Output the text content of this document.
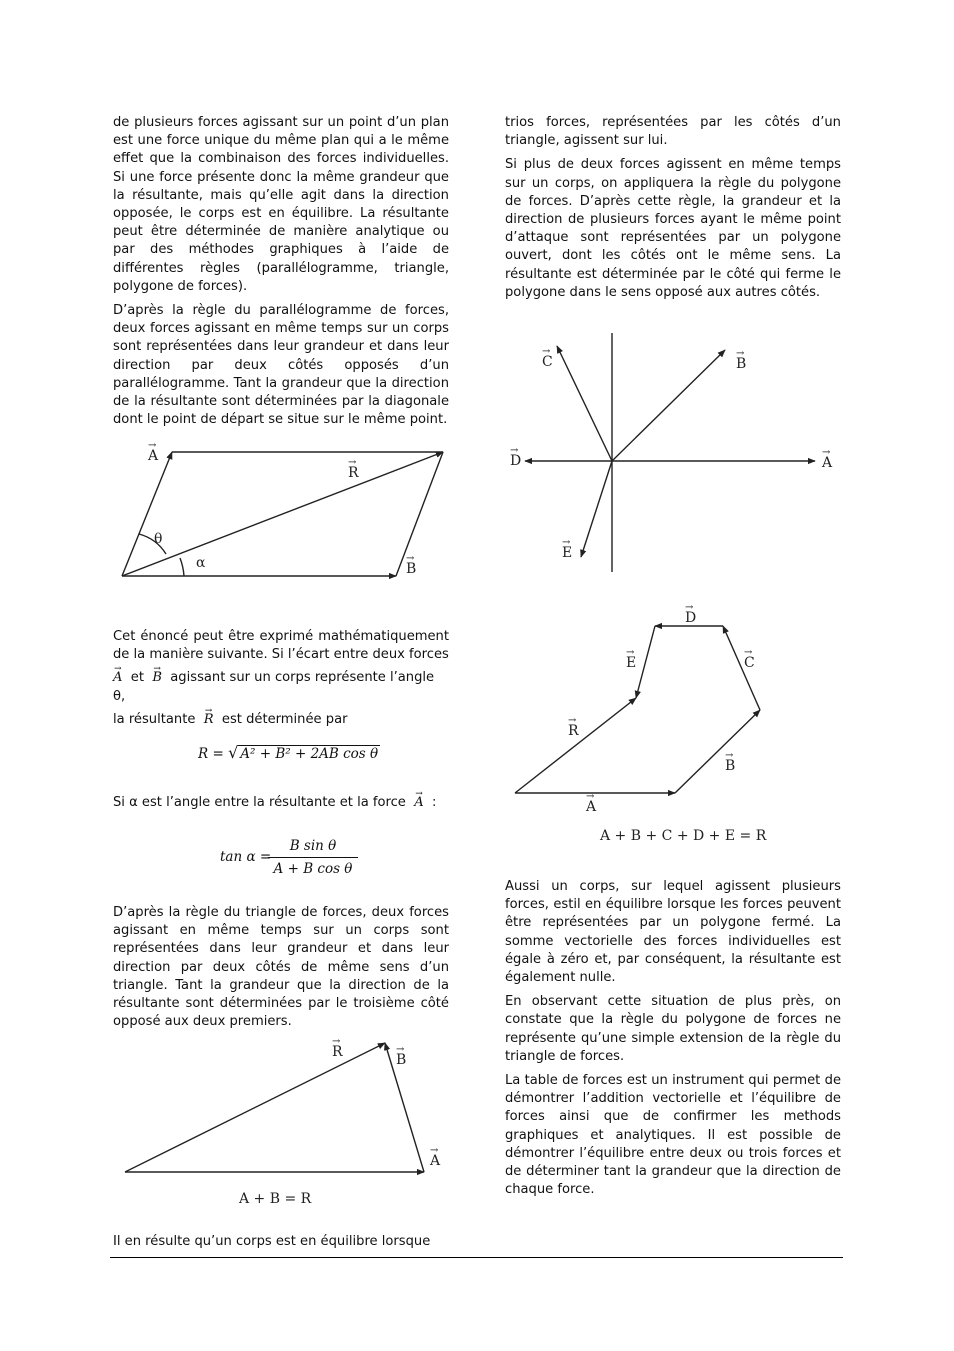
de plusieurs forces agissant sur un point d’un plan est une force unique du même plan qui a le même effet que la combinaison des forces individuelles. Si une force présente donc la même grandeur que la résultante, mais qu’elle agit dans la direction opposée, le corps est en équilibre. La résultante peut être déterminée de manière analytique ou par des méthodes graphiques à l’aide de différentes règles (parallélogramme, triangle, polygone de forces).

D’après la règle du parallélogramme de forces, deux forces agissant en même temps sur un corps sont représentées dans leur grandeur et dans leur direction par deux côtés opposés d’un parallélogramme. Tant la grandeur que la direction de la résultante sont déterminées par la diagonale dont le point de départ se situe sur le même point.

Cet énoncé peut être exprimé mathématiquement de la manière suivante. Si l’écart entre deux forces
→ A et → B agissant sur un corps représente l’angle θ,
la résultante → R est déterminée par
R = √ A² + B² + 2AB cos θ
Si α est l’angle entre la résultante et la force → A :
tan α =
B sin θ
A + B cos θ
D’après la règle du triangle de forces, deux forces agissant en même temps sur un corps sont représentées dans leur grandeur et dans leur direction par deux côtés de même sens d’un triangle. Tant la grandeur que la direction de la résultante sont déterminées par le troisième côté opposé aux deux premiers.
Il en résulte qu’un corps est en équilibre lorsque

trios forces, représentées par les côtés d’un triangle, agissent sur lui.

Si plus de deux forces agissent en même temps sur un corps, on appliquera la règle du polygone de forces. D’après cette règle, la grandeur et la direction de plusieurs forces ayant le même point d’attaque sont représentées par un polygone ouvert, dont les côtés ont le même sens. La résultante est déterminée par le côté qui ferme le polygone dans le sens opposé aux autres côtés.

Aussi un corps, sur lequel agissent plusieurs forces, estil en équilibre lorsque les forces peuvent être représentées par un polygone fermé. La somme vectorielle des forces individuelles est égale à zéro et, par conséquent, la résultante est également nulle.

En observant cette situation de plus près, on constate que la règle du polygone de forces ne représente qu’une simple extension de la règle du triangle de forces.

La table de forces est un instrument qui permet de démontrer l’addition vectorielle et l’équilibre de forces ainsi que de confirmer les methods graphiques et analytiques. Il est possible de démontrer l’équilibre entre deux ou trois forces et de déterminer tant la grandeur que la direction de chaque force.

A
→
R
→
B
→
θ
α
R
→
B
→
A
→
A + B = R
A
→
B
→
C
→
D
→
E
→
A
→
B
→
C
→
D
→
E
→
R
→
A + B + C + D + E = R
